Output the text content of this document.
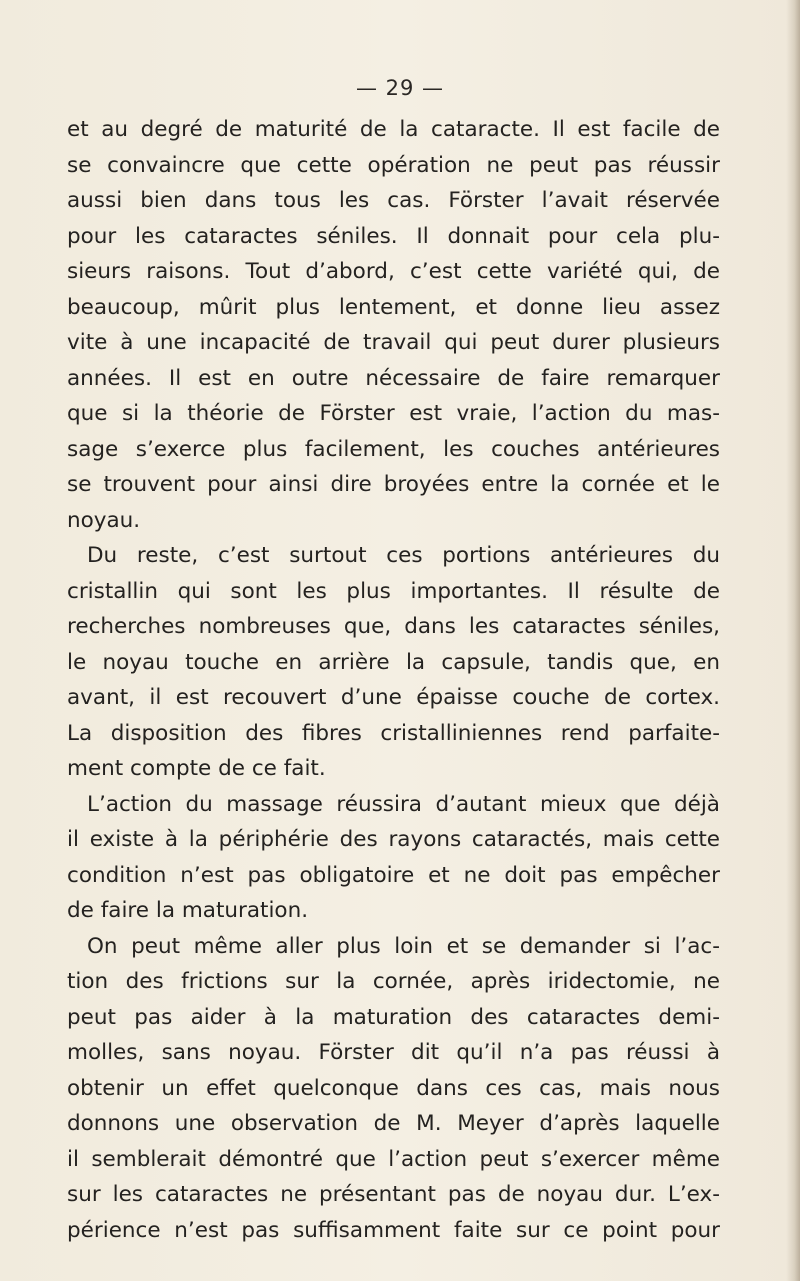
— 29 —
et au degré de maturité de la cataracte. Il est facile de
se convaincre que cette opération ne peut pas réussir
aussi bien dans tous les cas. Förster l’avait réservée
pour les cataractes séniles. Il donnait pour cela plu-
sieurs raisons. Tout d’abord, c’est cette variété qui, de
beaucoup, mûrit plus lentement, et donne lieu assez
vite à une incapacité de travail qui peut durer plusieurs
années. Il est en outre nécessaire de faire remarquer
que si la théorie de Förster est vraie, l’action du mas-
sage s’exerce plus facilement, les couches antérieures
se trouvent pour ainsi dire broyées entre la cornée et le
noyau.
Du reste, c’est surtout ces portions antérieures du
cristallin qui sont les plus importantes. Il résulte de
recherches nombreuses que, dans les cataractes séniles,
le noyau touche en arrière la capsule, tandis que, en
avant, il est recouvert d’une épaisse couche de cortex.
La disposition des fibres cristalliniennes rend parfaite-
ment compte de ce fait.
L’action du massage réussira d’autant mieux que déjà
il existe à la périphérie des rayons cataractés, mais cette
condition n’est pas obligatoire et ne doit pas empêcher
de faire la maturation.
On peut même aller plus loin et se demander si l’ac-
tion des frictions sur la cornée, après iridectomie, ne
peut pas aider à la maturation des cataractes demi-
molles, sans noyau. Förster dit qu’il n’a pas réussi à
obtenir un effet quelconque dans ces cas, mais nous
donnons une observation de M. Meyer d’après laquelle
il semblerait démontré que l’action peut s’exercer même
sur les cataractes ne présentant pas de noyau dur. L’ex-
périence n’est pas suffisamment faite sur ce point pour
